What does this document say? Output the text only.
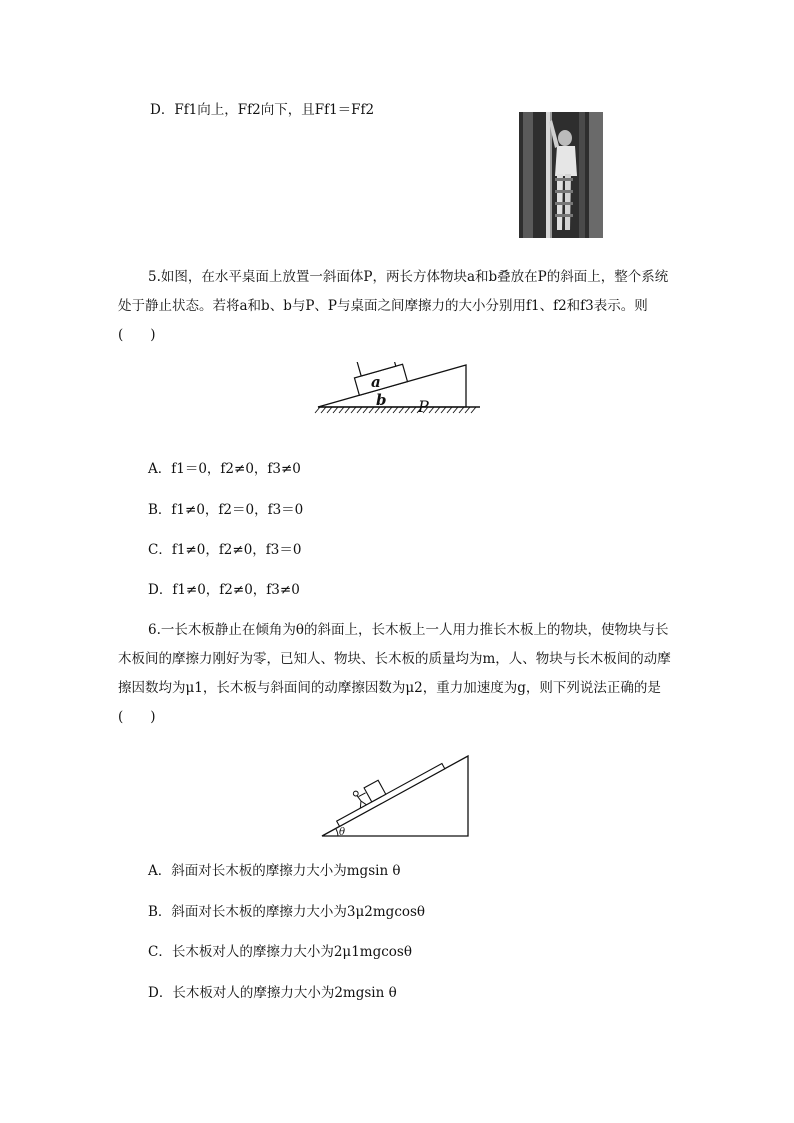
D．Ff1向上，Ff2向下，且Ff1＝Ff2
5.如图，在水平桌面上放置一斜面体P，两长方体物块a和b叠放在P的斜面上，整个系统处于静止状态。若将a和b、b与P、P与桌面之间摩擦力的大小分别用f1、f2和f3表示。则(　　)
a
b P
A．f1＝0，f2≠0，f3≠0
B．f1≠0，f2＝0，f3＝0
C．f1≠0，f2≠0，f3＝0
D．f1≠0，f2≠0，f3≠0
6.一长木板静止在倾角为θ的斜面上，长木板上一人用力推长木板上的物块，使物块与长木板间的摩擦力刚好为零，已知人、物块、长木板的质量均为m，人、物块与长木板间的动摩擦因数均为μ1，长木板与斜面间的动摩擦因数为μ2，重力加速度为g，则下列说法正确的是(　　)
θ
A．斜面对长木板的摩擦力大小为mgsin θ
B．斜面对长木板的摩擦力大小为3μ2mgcosθ
C．长木板对人的摩擦力大小为2μ1mgcosθ
D．长木板对人的摩擦力大小为2mgsin θ
